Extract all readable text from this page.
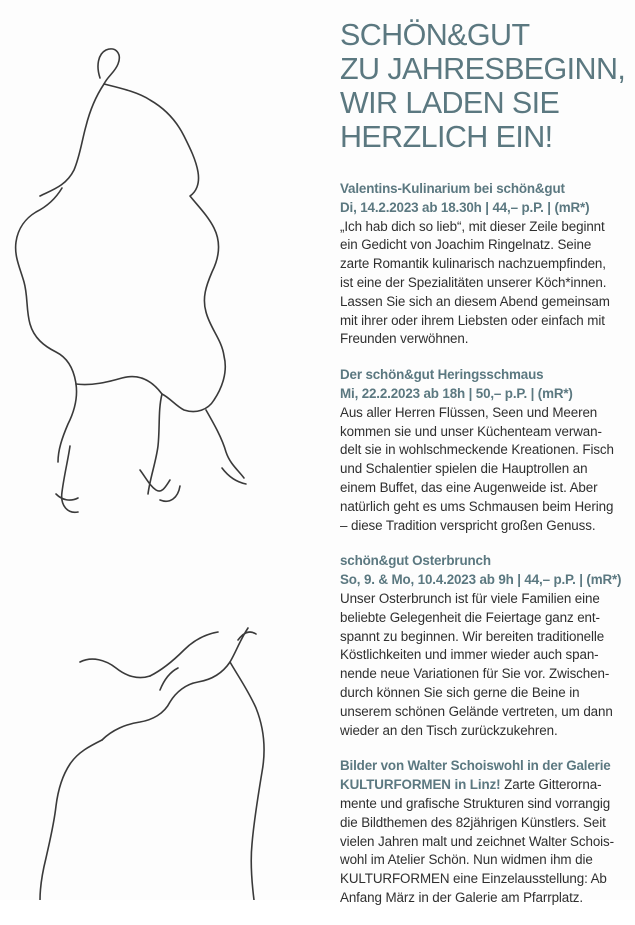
SCHÖN&GUT
ZU JAHRESBEGINN,
WIR LADEN SIE
HERZLICH EIN!
Valentins-Kulinarium bei schön&gut
Di, 14.2.2023 ab 18.30h | 44,– p.P. | (mR*)
„Ich hab dich so lieb“, mit dieser Zeile beginnt
ein Gedicht von Joachim Ringelnatz. Seine
zarte Romantik kulinarisch nachzuempfinden,
ist eine der Spezialitäten unserer Köch*innen.
Lassen Sie sich an diesem Abend gemeinsam
mit ihrer oder ihrem Liebsten oder einfach mit
Freunden verwöhnen.
Der schön&gut Heringsschmaus
Mi, 22.2.2023 ab 18h | 50,– p.P. | (mR*)
Aus aller Herren Flüssen, Seen und Meeren
kommen sie und unser Küchenteam verwan-
delt sie in wohlschmeckende Kreationen. Fisch
und Schalentier spielen die Hauptrollen an
einem Buffet, das eine Augenweide ist. Aber
natürlich geht es ums Schmausen beim Hering
– diese Tradition verspricht großen Genuss.
schön&gut Osterbrunch
So, 9. & Mo, 10.4.2023 ab 9h | 44,– p.P. | (mR*)
Unser Osterbrunch ist für viele Familien eine
beliebte Gelegenheit die Feiertage ganz ent-
spannt zu beginnen. Wir bereiten traditionelle
Köstlichkeiten und immer wieder auch span-
nende neue Variationen für Sie vor. Zwischen-
durch können Sie sich gerne die Beine in
unserem schönen Gelände vertreten, um dann
wieder an den Tisch zurückzukehren.
Bilder von Walter Schoiswohl in der Galerie
KULTURFORMEN in Linz! Zarte Gitterorna-
mente und grafische Strukturen sind vorrangig
die Bildthemen des 82jährigen Künstlers. Seit
vielen Jahren malt und zeichnet Walter Schois-
wohl im Atelier Schön. Nun widmen ihm die
KULTURFORMEN eine Einzelausstellung: Ab
Anfang März in der Galerie am Pfarrplatz.
